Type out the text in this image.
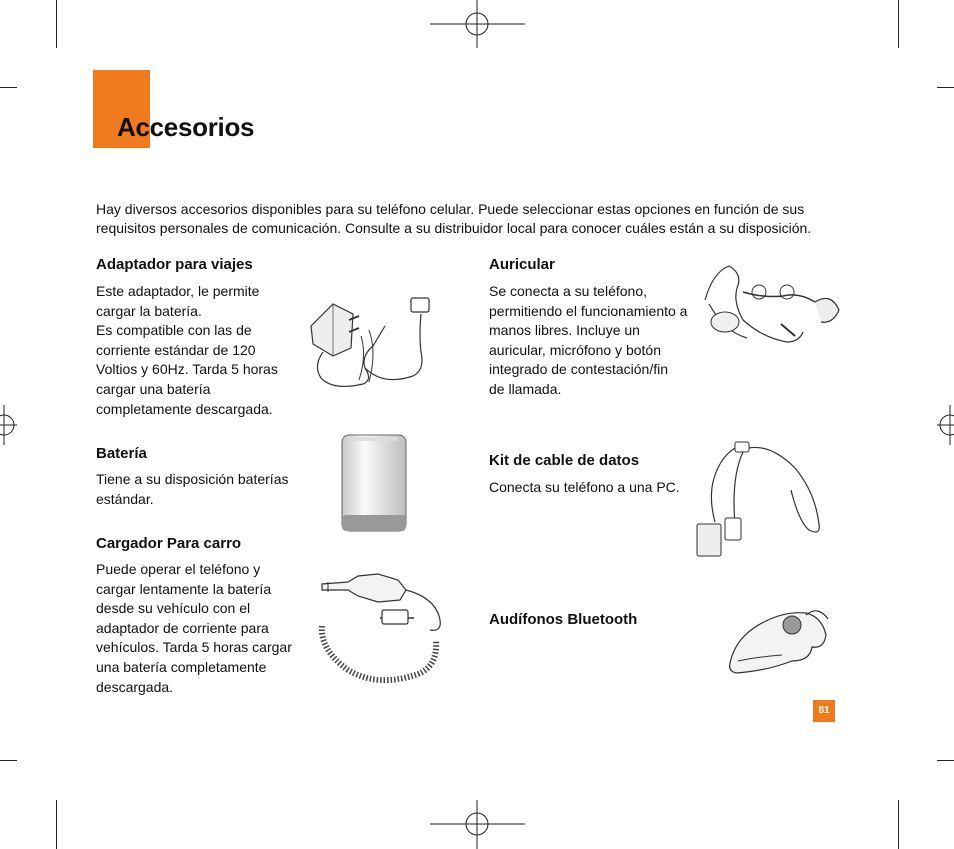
Accesorios

Hay diversos accesorios disponibles para su teléfono celular. Puede seleccionar estas opciones en función de sus requisitos personales de comunicación. Consulte a su distribuidor local para conocer cuáles están a su disposición.

Adaptador para viajes

Este adaptador, le permite
cargar la batería.
Es compatible con las de
corriente estándar de 120
Voltios y 60Hz. Tarda 5 horas
cargar una batería
completamente descargada.

Batería

Tiene a su disposición baterías
estándar.

Cargador Para carro

Puede operar el teléfono y
cargar lentamente la batería
desde su vehículo con el
adaptador de corriente para
vehículos. Tarda 5 horas cargar
una batería completamente
descargada.

Auricular

Se conecta a su teléfono,
permitiendo el funcionamiento a
manos libres. Incluye un
auricular, micrófono y botón
integrado de contestación/fin
de llamada.

Kit de cable de datos

Conecta su teléfono a una PC.

Audífonos Bluetooth
81
